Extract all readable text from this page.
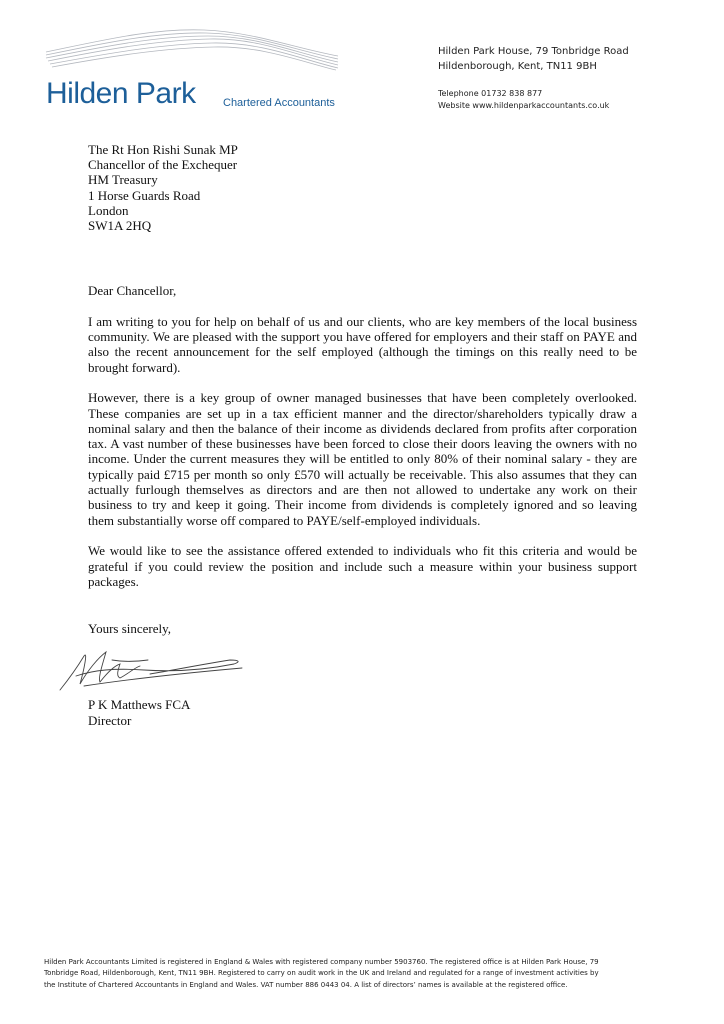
Hilden Park Chartered Accountants
Hilden Park House, 79 Tonbridge Road
Hildenborough, Kent, TN11 9BH
Telephone 01732 838 877
Website www.hildenparkaccountants.co.uk
The Rt Hon Rishi Sunak MP
Chancellor of the Exchequer
HM Treasury
1 Horse Guards Road
London
SW1A 2HQ

Dear Chancellor,

I am writing to you for help on behalf of us and our clients, who are key members of the local business community. We are pleased with the support you have offered for employers and their staff on PAYE and also the recent announcement for the self employed (although the timings on this really need to be brought forward).

However, there is a key group of owner managed businesses that have been completely overlooked. These companies are set up in a tax efficient manner and the director/shareholders typically draw a nominal salary and then the balance of their income as dividends declared from profits after corporation tax. A vast number of these businesses have been forced to close their doors leaving the owners with no income. Under the current measures they will be entitled to only 80% of their nominal salary - they are typically paid £715 per month so only £570 will actually be receivable. This also assumes that they can actually furlough themselves as directors and are then not allowed to undertake any work on their business to try and keep it going. Their income from dividends is completely ignored and so leaving them substantially worse off compared to PAYE/self-employed individuals.

We would like to see the assistance offered extended to individuals who fit this criteria and would be grateful if you could review the position and include such a measure within your business support packages.

Yours sincerely,
P K Matthews FCA
Director
Hilden Park Accountants Limited is registered in England & Wales with registered company number 5903760. The registered office is at Hilden Park House, 79
Tonbridge Road, Hildenborough, Kent, TN11 9BH. Registered to carry on audit work in the UK and Ireland and regulated for a range of investment activities by
the Institute of Chartered Accountants in England and Wales. VAT number 886 0443 04. A list of directors’ names is available at the registered office.
